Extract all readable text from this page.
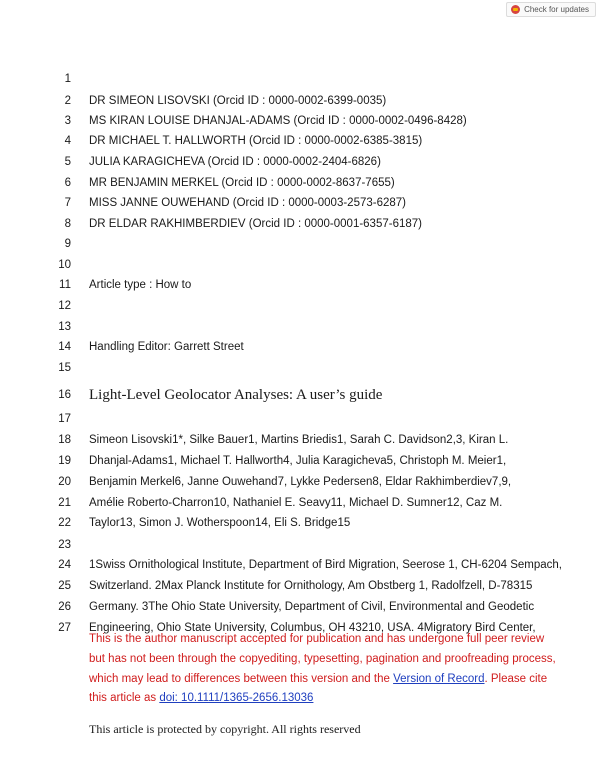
Check for updates
1
2 DR SIMEON LISOVSKI (Orcid ID : 0000-0002-6399-0035)
3 MS KIRAN LOUISE DHANJAL-ADAMS (Orcid ID : 0000-0002-0496-8428)
4 DR MICHAEL T. HALLWORTH (Orcid ID : 0000-0002-6385-3815)
5 JULIA KARAGICHEVA (Orcid ID : 0000-0002-2404-6826)
6 MR BENJAMIN MERKEL (Orcid ID : 0000-0002-8637-7655)
7 MISS JANNE OUWEHAND (Orcid ID : 0000-0003-2573-6287)
8 DR ELDAR RAKHIMBERDIEV (Orcid ID : 0000-0001-6357-6187)
9
10
11 Article type : How to
12
13
14 Handling Editor: Garrett Street
15
16 Light-Level Geolocator Analyses: A user’s guide
17
18 Simeon Lisovski1*, Silke Bauer1, Martins Briedis1, Sarah C. Davidson2,3, Kiran L.
19 Dhanjal-Adams1, Michael T. Hallworth4, Julia Karagicheva5, Christoph M. Meier1,
20 Benjamin Merkel6, Janne Ouwehand7, Lykke Pedersen8, Eldar Rakhimberdiev7,9,
21 Amélie Roberto-Charron10, Nathaniel E. Seavy11, Michael D. Sumner12, Caz M.
22 Taylor13, Simon J. Wotherspoon14, Eli S. Bridge15
23
24 1Swiss Ornithological Institute, Department of Bird Migration, Seerose 1, CH-6204 Sempach,
25 Switzerland. 2Max Planck Institute for Ornithology, Am Obstberg 1, Radolfzell, D-78315
26 Germany. 3The Ohio State University, Department of Civil, Environmental and Geodetic
27 Engineering, Ohio State University, Columbus, OH 43210, USA. 4Migratory Bird Center,
This is the author manuscript accepted for publication and has undergone full peer review
but has not been through the copyediting, typesetting, pagination and proofreading process,
which may lead to differences between this version and the Version of Record. Please cite
this article as doi: 10.1111/1365-2656.13036
This article is protected by copyright. All rights reserved
